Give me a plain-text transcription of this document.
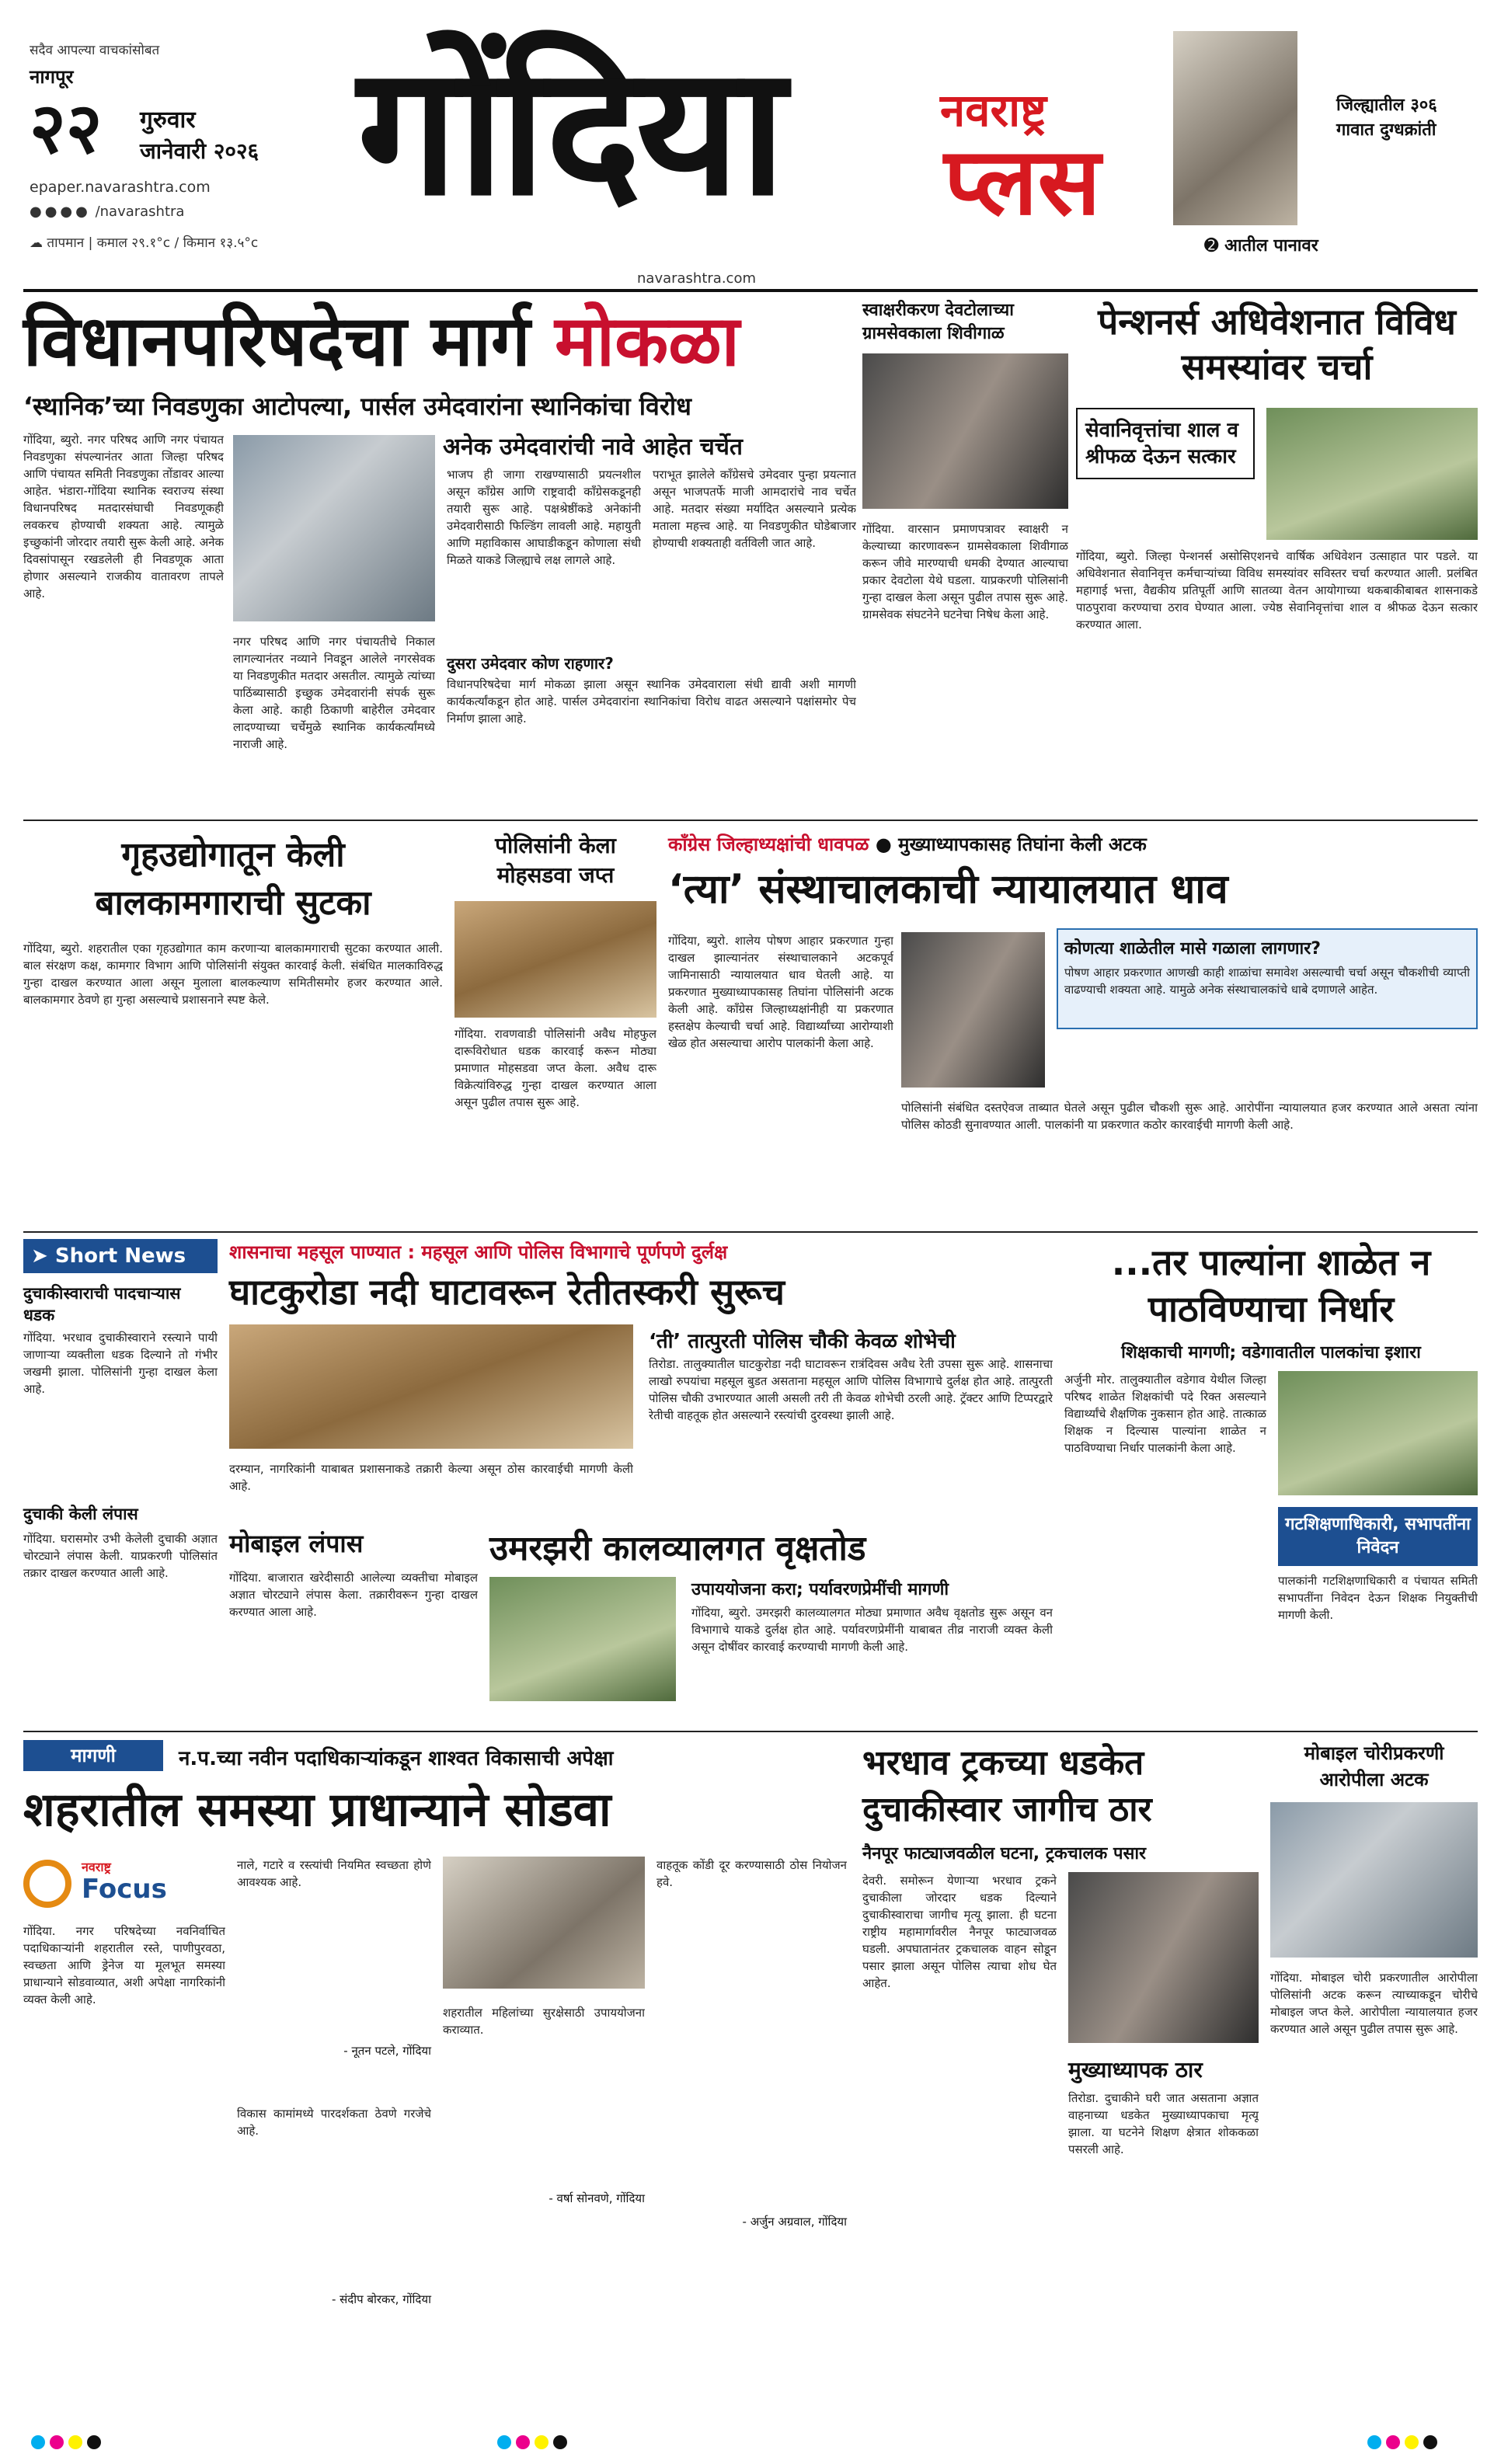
सदैव आपल्या वाचकांसोबत
नागपूर
२२ गुरुवार
जानेवारी २०२६
epaper.navarashtra.com
●●●● /navarashtra
☁ तापमान | कमाल २९.१°c / किमान १३.५°c
गोंदिया	नवराष्ट्र
प्लस
navarashtra.com
जिल्ह्यातील ३०६ गावात दुग्धक्रांती
➋ आतील पानावर
विधानपरिषदेचा मार्ग मोकळा
‘स्थानिक’च्या निवडणुका आटोपल्या, पार्सल उमेदवारांना स्थानिकांचा विरोध
अनेक उमेदवारांची नावे आहेत चर्चेत
गोंदिया, ब्युरो. नगर परिषद आणि नगर पंचायत निवडणुका संपल्यानंतर आता जिल्हा परिषद आणि पंचायत समिती निवडणुका तोंडावर आल्या आहेत. भंडारा-गोंदिया स्थानिक स्वराज्य संस्था विधानपरिषद मतदारसंघाची निवडणूकही लवकरच होण्याची शक्यता आहे. त्यामुळे इच्छुकांनी जोरदार तयारी सुरू केली आहे. अनेक दिवसांपासून रखडलेली ही निवडणूक आता होणार असल्याने राजकीय वातावरण तापले आहे.
नगर परिषद आणि नगर पंचायतीचे निकाल लागल्यानंतर नव्याने निवडून आलेले नगरसेवक या निवडणुकीत मतदार असतील. त्यामुळे त्यांच्या पाठिंब्यासाठी इच्छुक उमेदवारांनी संपर्क सुरू केला आहे. काही ठिकाणी बाहेरील उमेदवार लादण्याच्या चर्चेमुळे स्थानिक कार्यकर्त्यांमध्ये नाराजी आहे.
भाजप ही जागा राखण्यासाठी प्रयत्नशील असून काँग्रेस आणि राष्ट्रवादी काँग्रेसकडूनही तयारी सुरू आहे. पक्षश्रेष्ठींकडे अनेकांनी उमेदवारीसाठी फिल्डिंग लावली आहे. महायुती आणि महाविकास आघाडीकडून कोणाला संधी मिळते याकडे जिल्ह्याचे लक्ष लागले आहे.
पराभूत झालेले काँग्रेसचे उमेदवार पुन्हा प्रयत्नात असून भाजपतर्फे माजी आमदारांचे नाव चर्चेत आहे. मतदार संख्या मर्यादित असल्याने प्रत्येक मताला महत्त्व आहे. या निवडणुकीत घोडेबाजार होण्याची शक्यताही वर्तविली जात आहे.
दुसरा उमेदवार कोण राहणार?
विधानपरिषदेचा मार्ग मोकळा झाला असून स्थानिक उमेदवाराला संधी द्यावी अशी मागणी कार्यकर्त्यांकडून होत आहे. पार्सल उमेदवारांना स्थानिकांचा विरोध वाढत असल्याने पक्षांसमोर पेच निर्माण झाला आहे.
स्वाक्षरीकरण देवटोलाच्या ग्रामसेवकाला शिवीगाळ
गोंदिया. वारसान प्रमाणपत्रावर स्वाक्षरी न केल्याच्या कारणावरून ग्रामसेवकाला शिवीगाळ करून जीवे मारण्याची धमकी देण्यात आल्याचा प्रकार देवटोला येथे घडला. याप्रकरणी पोलिसांनी गुन्हा दाखल केला असून पुढील तपास सुरू आहे. ग्रामसेवक संघटनेने घटनेचा निषेध केला आहे.
पेन्शनर्स अधिवेशनात विविध समस्यांवर चर्चा
सेवानिवृत्तांचा शाल व श्रीफळ देऊन सत्कार
गोंदिया, ब्युरो. जिल्हा पेन्शनर्स असोसिएशनचे वार्षिक अधिवेशन उत्साहात पार पडले. या अधिवेशनात सेवानिवृत्त कर्मचाऱ्यांच्या विविध समस्यांवर सविस्तर चर्चा करण्यात आली. प्रलंबित महागाई भत्ता, वैद्यकीय प्रतिपूर्ती आणि सातव्या वेतन आयोगाच्या थकबाकीबाबत शासनाकडे पाठपुरावा करण्याचा ठराव घेण्यात आला. ज्येष्ठ सेवानिवृत्तांचा शाल व श्रीफळ देऊन सत्कार करण्यात आला.
गृहउद्योगातून केली बालकामगाराची सुटका
गोंदिया, ब्युरो. शहरातील एका गृहउद्योगात काम करणाऱ्या बालकामगाराची सुटका करण्यात आली. बाल संरक्षण कक्ष, कामगार विभाग आणि पोलिसांनी संयुक्त कारवाई केली. संबंधित मालकाविरुद्ध गुन्हा दाखल करण्यात आला असून मुलाला बालकल्याण समितीसमोर हजर करण्यात आले. बालकामगार ठेवणे हा गुन्हा असल्याचे प्रशासनाने स्पष्ट केले.
पोलिसांनी केला मोहसडवा जप्त
गोंदिया. रावणवाडी पोलिसांनी अवैध मोहफुल दारूविरोधात धडक कारवाई करून मोठ्या प्रमाणात मोहसडवा जप्त केला. अवैध दारू विक्रेत्यांविरुद्ध गुन्हा दाखल करण्यात आला असून पुढील तपास सुरू आहे.
काँग्रेस जिल्हाध्यक्षांची धावपळ ● मुख्याध्यापकासह तिघांना केली अटक
‘त्या’ संस्थाचालकाची न्यायालयात धाव
गोंदिया, ब्युरो. शालेय पोषण आहार प्रकरणात गुन्हा दाखल झाल्यानंतर संस्थाचालकाने अटकपूर्व जामिनासाठी न्यायालयात धाव घेतली आहे. या प्रकरणात मुख्याध्यापकासह तिघांना पोलिसांनी अटक केली आहे. काँग्रेस जिल्हाध्यक्षांनीही या प्रकरणात हस्तक्षेप केल्याची चर्चा आहे. विद्यार्थ्यांच्या आरोग्याशी खेळ होत असल्याचा आरोप पालकांनी केला आहे.
कोणत्या शाळेतील मासे गळाला लागणार?
पोषण आहार प्रकरणात आणखी काही शाळांचा समावेश असल्याची चर्चा असून चौकशीची व्याप्ती वाढण्याची शक्यता आहे. यामुळे अनेक संस्थाचालकांचे धाबे दणाणले आहेत.
पोलिसांनी संबंधित दस्तऐवज ताब्यात घेतले असून पुढील चौकशी सुरू आहे. आरोपींना न्यायालयात हजर करण्यात आले असता त्यांना पोलिस कोठडी सुनावण्यात आली. पालकांनी या प्रकरणात कठोर कारवाईची मागणी केली आहे.
➤ Short News
दुचाकीस्वाराची पादचाऱ्यास धडक
गोंदिया. भरधाव दुचाकीस्वाराने रस्त्याने पायी जाणाऱ्या व्यक्तीला धडक दिल्याने तो गंभीर जखमी झाला. पोलिसांनी गुन्हा दाखल केला आहे.
दुचाकी केली लंपास
गोंदिया. घरासमोर उभी केलेली दुचाकी अज्ञात चोरट्याने लंपास केली. याप्रकरणी पोलिसांत तक्रार दाखल करण्यात आली आहे.
शासनाचा महसूल पाण्यात : महसूल आणि पोलिस विभागाचे पूर्णपणे दुर्लक्ष
घाटकुरोडा नदी घाटावरून रेतीतस्करी सुरूच
‘ती’ तात्पुरती पोलिस चौकी केवळ शोभेची
तिरोडा. तालुक्यातील घाटकुरोडा नदी घाटावरून रात्रंदिवस अवैध रेती उपसा सुरू आहे. शासनाचा लाखो रुपयांचा महसूल बुडत असताना महसूल आणि पोलिस विभागाचे दुर्लक्ष होत आहे. तात्पुरती पोलिस चौकी उभारण्यात आली असली तरी ती केवळ शोभेची ठरली आहे. ट्रॅक्टर आणि टिप्परद्वारे रेतीची वाहतूक होत असल्याने रस्त्यांची दुरवस्था झाली आहे.
दरम्यान, नागरिकांनी याबाबत प्रशासनाकडे तक्रारी केल्या असून ठोस कारवाईची मागणी केली आहे.
मोबाइल लंपास
गोंदिया. बाजारात खरेदीसाठी आलेल्या व्यक्तीचा मोबाइल अज्ञात चोरट्याने लंपास केला. तक्रारीवरून गुन्हा दाखल करण्यात आला आहे.
उमरझरी कालव्यालगत वृक्षतोड
उपाययोजना करा; पर्यावरणप्रेमींची मागणी
गोंदिया, ब्युरो. उमरझरी कालव्यालगत मोठ्या प्रमाणात अवैध वृक्षतोड सुरू असून वन विभागाचे याकडे दुर्लक्ष होत आहे. पर्यावरणप्रेमींनी याबाबत तीव्र नाराजी व्यक्त केली असून दोषींवर कारवाई करण्याची मागणी केली आहे.
...तर पाल्यांना शाळेत न पाठविण्याचा निर्धार
शिक्षकाची मागणी; वडेगावातील पालकांचा इशारा
अर्जुनी मोर. तालुक्यातील वडेगाव येथील जिल्हा परिषद शाळेत शिक्षकांची पदे रिक्त असल्याने विद्यार्थ्यांचे शैक्षणिक नुकसान होत आहे. तात्काळ शिक्षक न दिल्यास पाल्यांना शाळेत न पाठविण्याचा निर्धार पालकांनी केला आहे.
गटशिक्षणाधिकारी, सभापतींना निवेदन
पालकांनी गटशिक्षणाधिकारी व पंचायत समिती सभापतींना निवेदन देऊन शिक्षक नियुक्तीची मागणी केली.
मागणी	न.प.च्या नवीन पदाधिकाऱ्यांकडून शाश्वत विकासाची अपेक्षा
शहरातील समस्या प्राधान्याने सोडवा
नवराष्ट्र
Focus
गोंदिया. नगर परिषदेच्या नवनिर्वाचित पदाधिकाऱ्यांनी शहरातील रस्ते, पाणीपुरवठा, स्वच्छता आणि ड्रेनेज या मूलभूत समस्या प्राधान्याने सोडवाव्यात, अशी अपेक्षा नागरिकांनी व्यक्त केली आहे.
नाले, गटारे व रस्त्यांची नियमित स्वच्छता होणे आवश्यक आहे.
- नूतन पटले, गोंदिया
विकास कामांमध्ये पारदर्शकता ठेवणे गरजेचे आहे.
- संदीप बोरकर, गोंदिया
शहरातील महिलांच्या सुरक्षेसाठी उपाययोजना कराव्यात.
- वर्षा सोनवणे, गोंदिया
वाहतूक कोंडी दूर करण्यासाठी ठोस नियोजन हवे.
- अर्जुन अग्रवाल, गोंदिया
भरधाव ट्रकच्या धडकेत दुचाकीस्वार जागीच ठार
नैनपूर फाट्याजवळील घटना, ट्रकचालक पसार
देवरी. समोरून येणाऱ्या भरधाव ट्रकने दुचाकीला जोरदार धडक दिल्याने दुचाकीस्वाराचा जागीच मृत्यू झाला. ही घटना राष्ट्रीय महामार्गावरील नैनपूर फाट्याजवळ घडली. अपघातानंतर ट्रकचालक वाहन सोडून पसार झाला असून पोलिस त्याचा शोध घेत आहेत.
मुख्याध्यापक ठार
तिरोडा. दुचाकीने घरी जात असताना अज्ञात वाहनाच्या धडकेत मुख्याध्यापकाचा मृत्यू झाला. या घटनेने शिक्षण क्षेत्रात शोककळा पसरली आहे.
मोबाइल चोरीप्रकरणी आरोपीला अटक
गोंदिया. मोबाइल चोरी प्रकरणातील आरोपीला पोलिसांनी अटक करून त्याच्याकडून चोरीचे मोबाइल जप्त केले. आरोपीला न्यायालयात हजर करण्यात आले असून पुढील तपास सुरू आहे.
